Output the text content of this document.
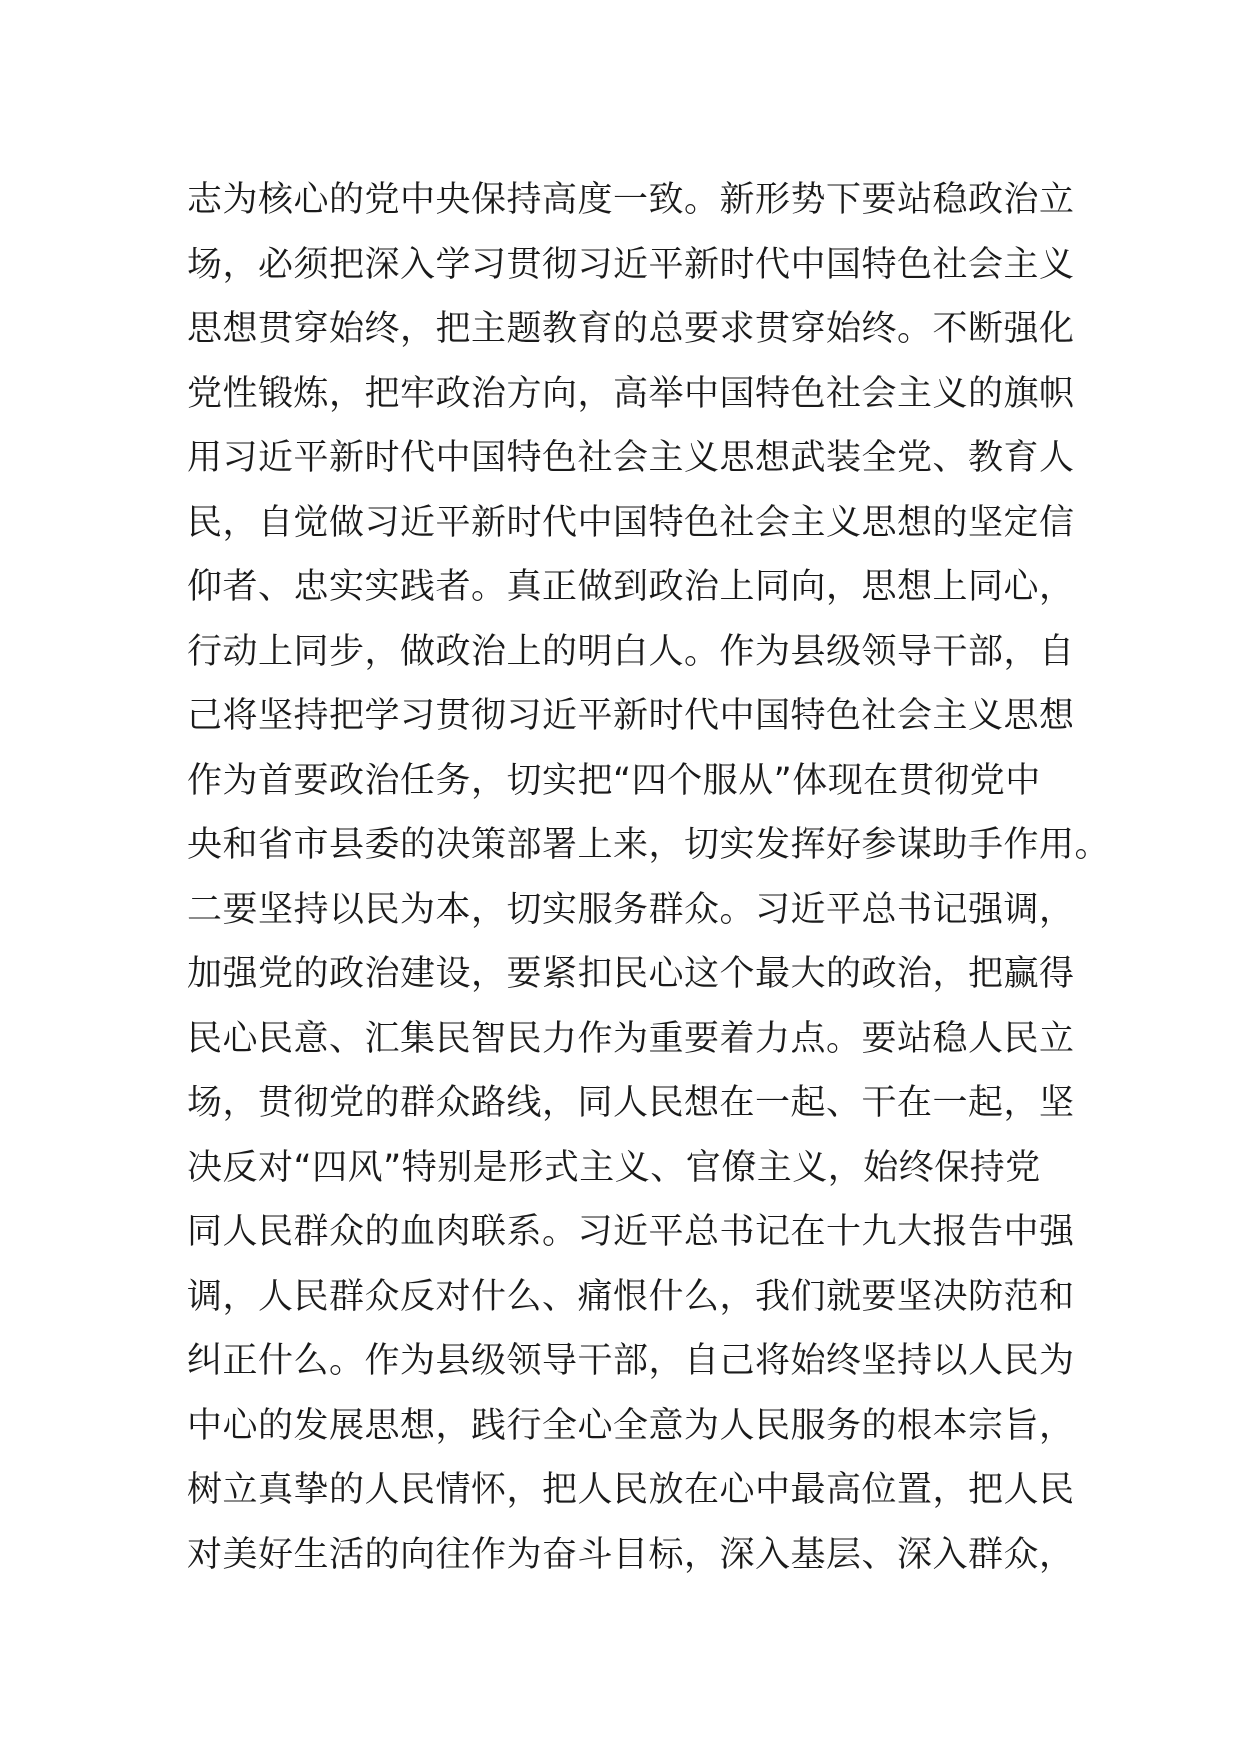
志为核心的党中央保持高度一致。新形势下要站稳政治立
场，必须把深入学习贯彻习近平新时代中国特色社会主义
思想贯穿始终，把主题教育的总要求贯穿始终。不断强化
党性锻炼，把牢政治方向，高举中国特色社会主义的旗帜
用习近平新时代中国特色社会主义思想武装全党、教育人
民，自觉做习近平新时代中国特色社会主义思想的坚定信
仰者、忠实实践者。真正做到政治上同向，思想上同心，
行动上同步，做政治上的明白人。作为县级领导干部，自
己将坚持把学习贯彻习近平新时代中国特色社会主义思想
作为首要政治任务，切实把“四个服从”体现在贯彻党中
央和省市县委的决策部署上来，切实发挥好参谋助手作用。
二要坚持以民为本，切实服务群众。习近平总书记强调，
加强党的政治建设，要紧扣民心这个最大的政治，把赢得
民心民意、汇集民智民力作为重要着力点。要站稳人民立
场，贯彻党的群众路线，同人民想在一起、干在一起，坚
决反对“四风”特别是形式主义、官僚主义，始终保持党
同人民群众的血肉联系。习近平总书记在十九大报告中强
调，人民群众反对什么、痛恨什么，我们就要坚决防范和
纠正什么。作为县级领导干部，自己将始终坚持以人民为
中心的发展思想，践行全心全意为人民服务的根本宗旨，
树立真挚的人民情怀，把人民放在心中最高位置，把人民
对美好生活的向往作为奋斗目标，深入基层、深入群众，
